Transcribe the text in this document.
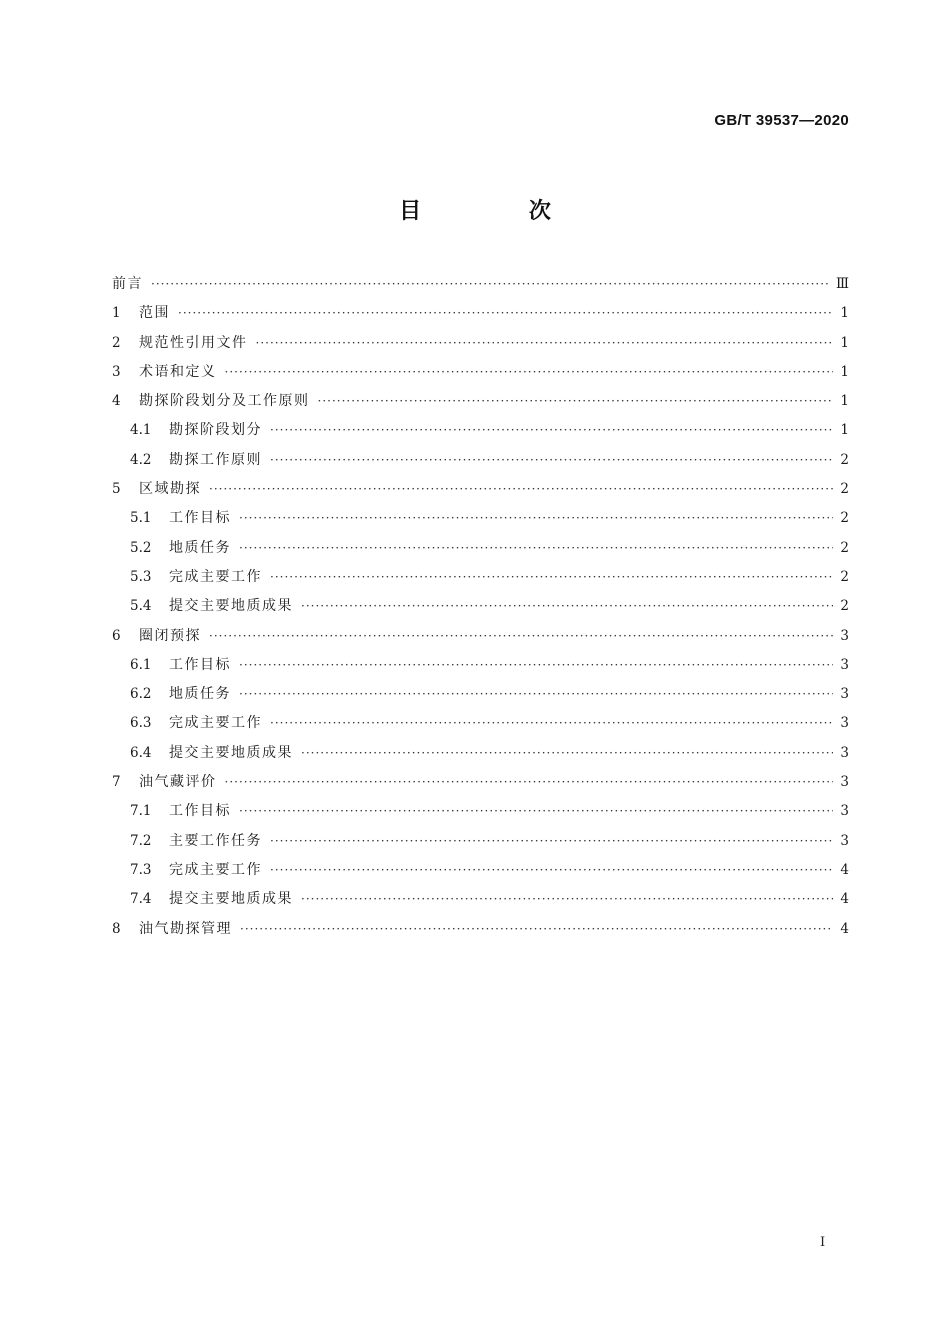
GB/T 39537—2020
目 次
前言 ·····	Ⅲ
1	范围 ·····	1
2	规范性引用文件 ·····	1
3	术语和定义 ·····	1
4	勘探阶段划分及工作原则 ·····	1
4.1	勘探阶段划分 ·····	1
4.2	勘探工作原则 ·····	2
5	区域勘探 ·····	2
5.1	工作目标 ·····	2
5.2	地质任务 ·····	2
5.3	完成主要工作 ·····	2
5.4	提交主要地质成果 ·····	2
6	圈闭预探 ·····	3
6.1	工作目标 ·····	3
6.2	地质任务 ·····	3
6.3	完成主要工作 ·····	3
6.4	提交主要地质成果 ·····	3
7	油气藏评价 ·····	3
7.1	工作目标 ·····	3
7.2	主要工作任务 ·····	3
7.3	完成主要工作 ·····	4
7.4	提交主要地质成果 ·····	4
8	油气勘探管理 ·····	4
I
